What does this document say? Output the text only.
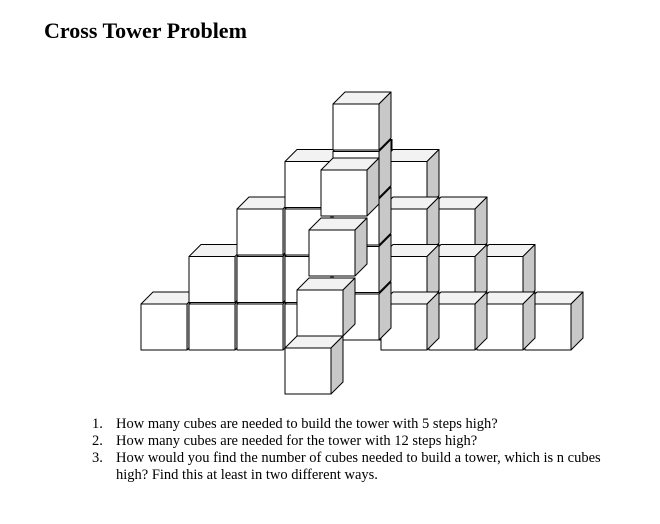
Cross Tower Problem
1. How many cubes are needed to build the tower with 5 steps high?
2. How many cubes are needed for the tower with 12 steps high?
3. How would you find the number of cubes needed to build a tower, which is n cubes high? Find this at least in two different ways.
